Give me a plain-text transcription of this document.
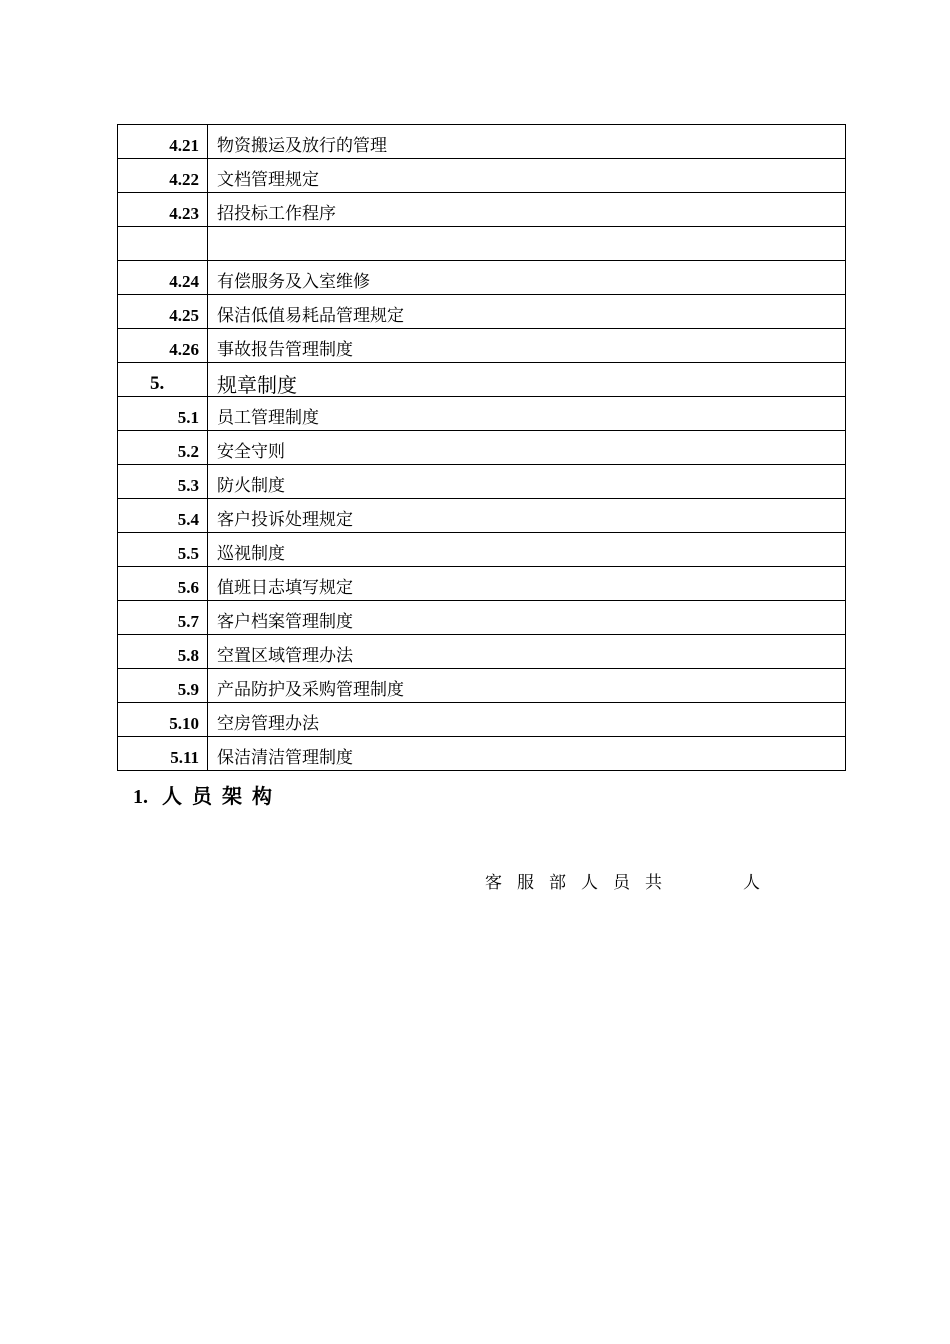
4.21	物资搬运及放行的管理
4.22	文档管理规定
4.23	招投标工作程序

4.24	有偿服务及入室维修
4.25	保洁低值易耗品管理规定
4.26	事故报告管理制度
5.	规章制度
5.1	员工管理制度
5.2	安全守则
5.3	防火制度
5.4	客户投诉处理规定
5.5	巡视制度
5.6	值班日志填写规定
5.7	客户档案管理制度
5.8	空置区域管理办法
5.9	产品防护及采购管理制度
5.10	空房管理办法
5.11	保洁清洁管理制度
1. 人员架构
客服部人员共	人
